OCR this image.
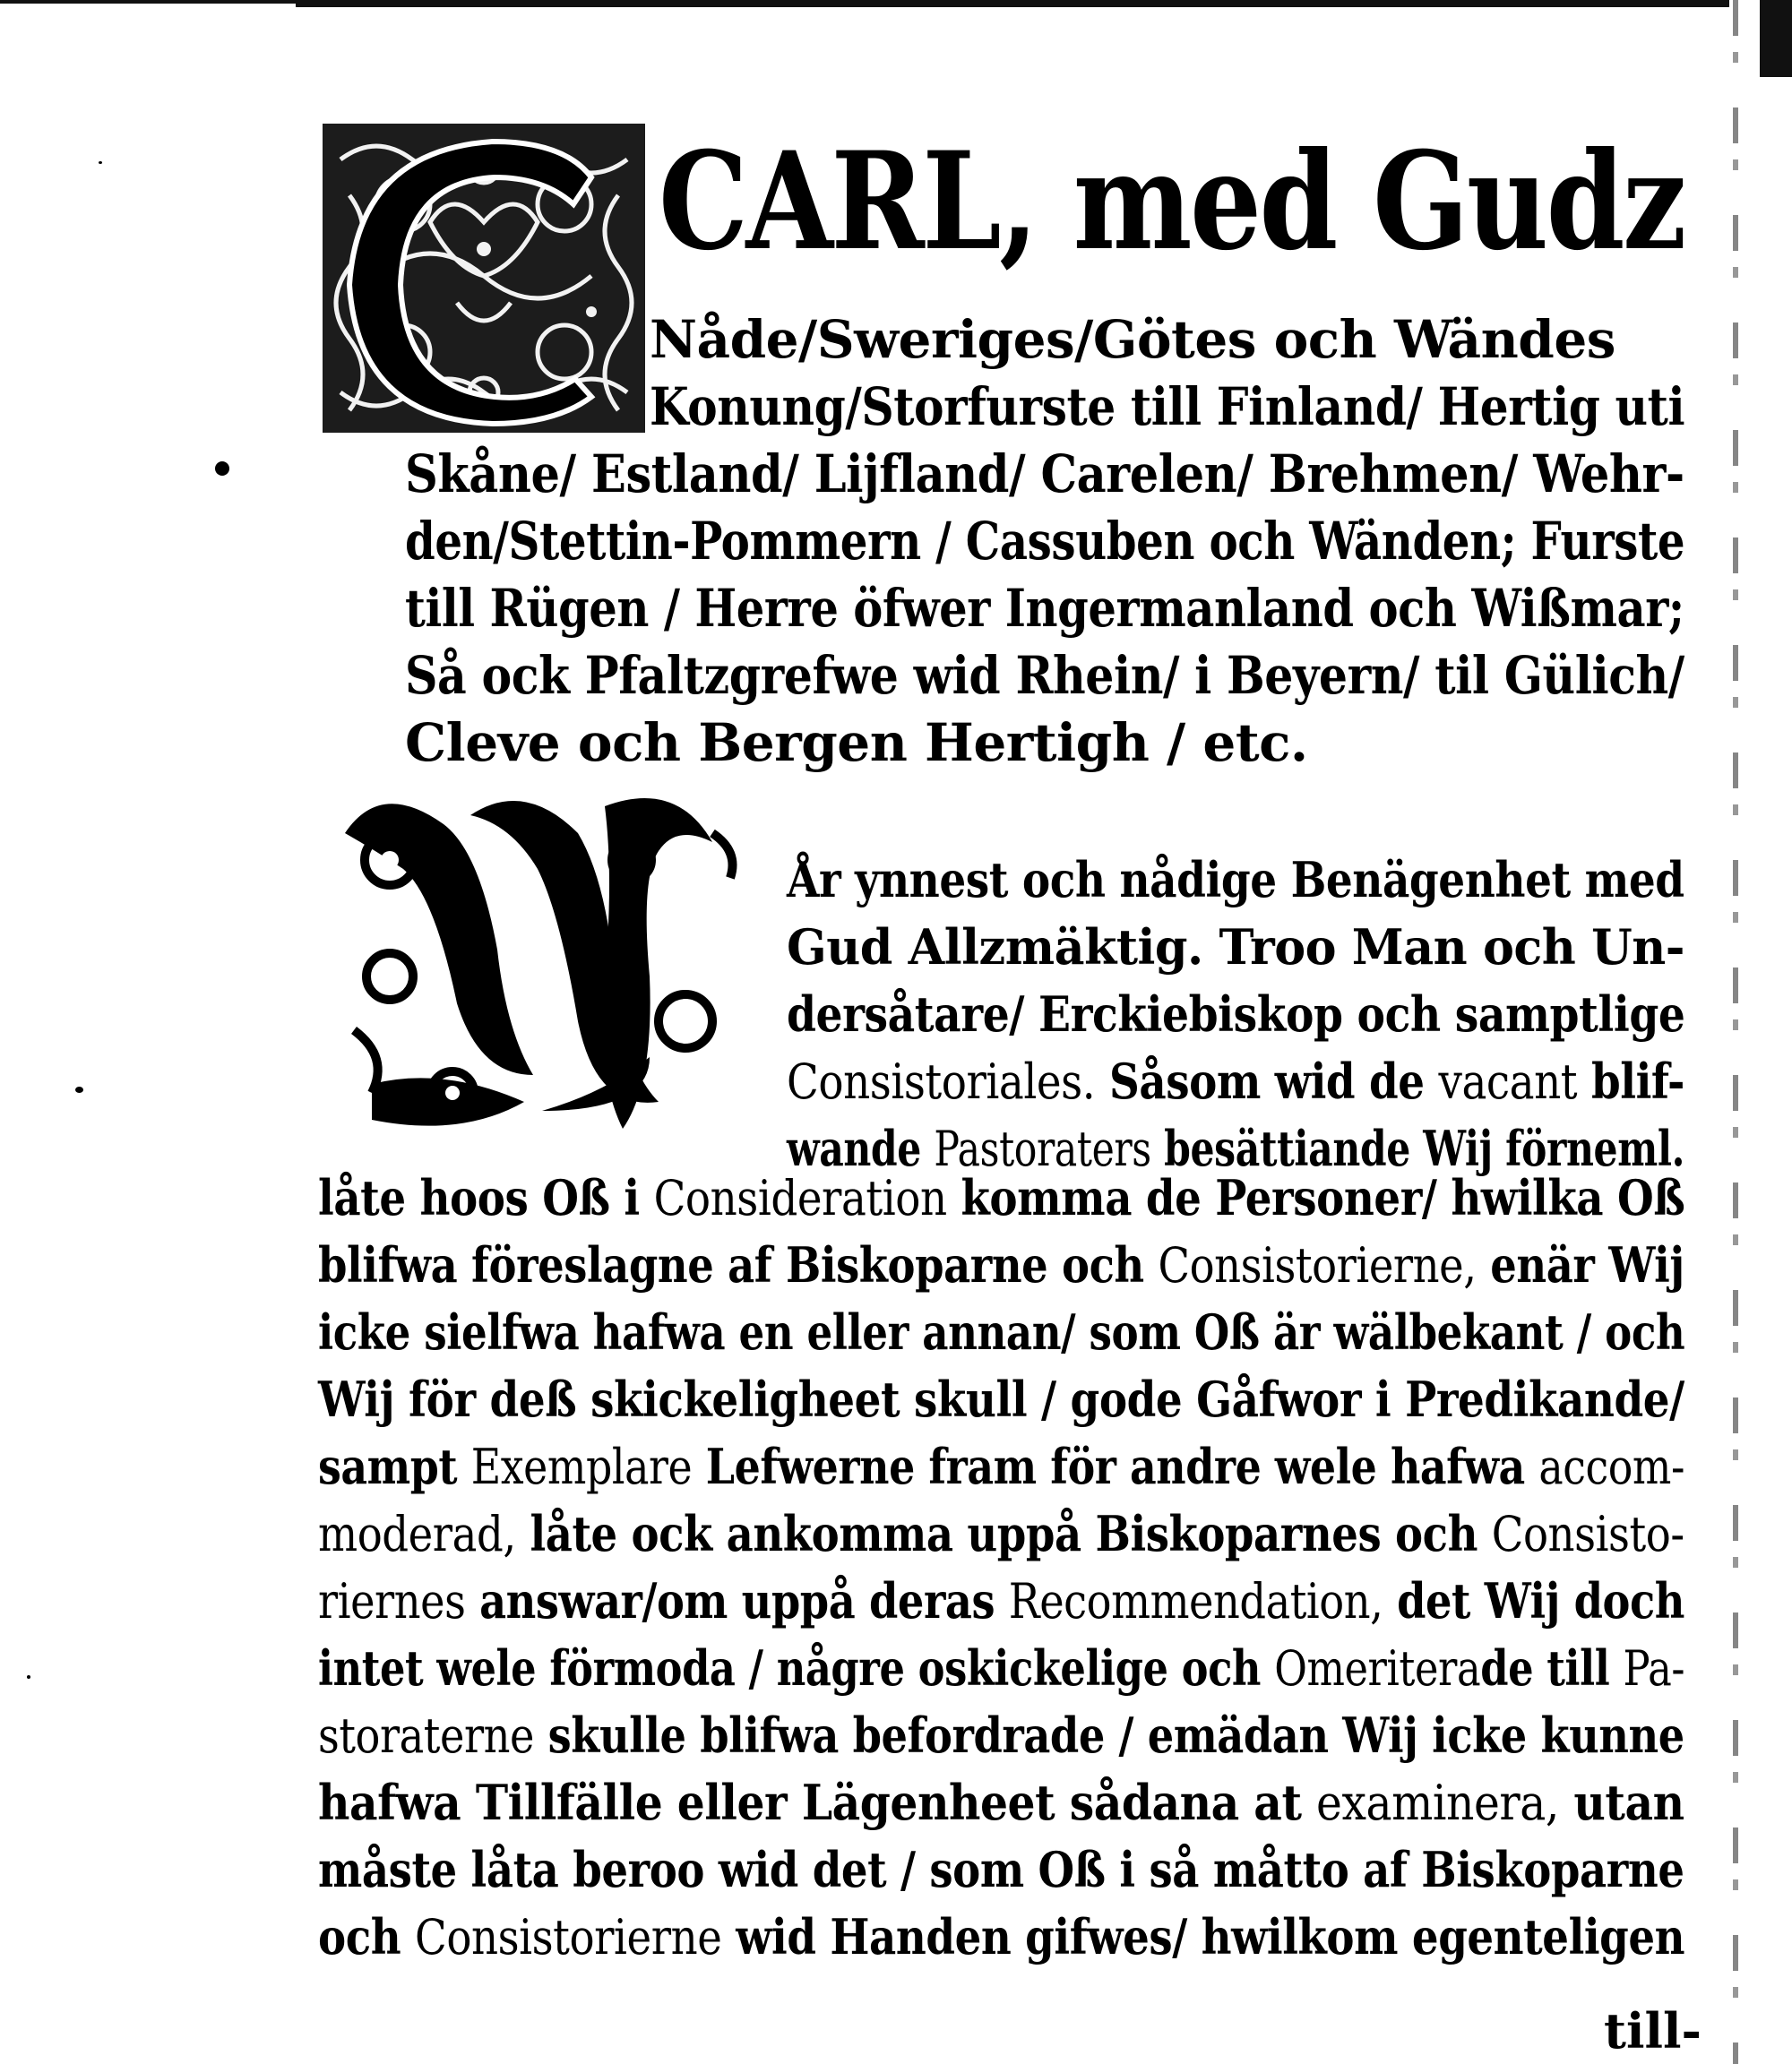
CARL, med Gudz
Nåde/Sweriges/Götes och Wändes
Konung/Storfurste till Finland/ Hertig uti
Skåne/ Estland/ Lijfland/ Carelen/ Brehmen/ Wehr-
den/Stettin-Pommern / Cassuben och Wänden; Furste
till Rügen / Herre öfwer Ingermanland och Wißmar;
Så ock Pfaltzgrefwe wid Rhein/ i Beyern/ til Gülich/
Cleve och Bergen Hertigh / etc.
År ynnest och nådige Benägenhet med
Gud Allzmäktig. Troo Man och Un-
dersåtare/ Erckiebiskop och samptlige
Consistoriales. Såsom wid de vacant blif-
wande Pastoraters besättiande Wij förneml.
låte hoos Oß i Consideration komma de Personer/ hwilka Oß
blifwa föreslagne af Biskoparne och Consistorierne, enär Wij
icke sielfwa hafwa en eller annan/ som Oß är wälbekant / och
Wij för deß skickeligheet skull / gode Gåfwor i Predikande/
sampt Exemplare Lefwerne fram för andre wele hafwa accom-
moderad, låte ock ankomma uppå Biskoparnes och Consisto-
riernes answar/om uppå deras Recommendation, det Wij doch
intet wele förmoda / någre oskickelige och Omeriterade till Pa-
storaterne skulle blifwa befordrade / emädan Wij icke kunne
hafwa Tillfälle eller Lägenheet sådana at examinera, utan
måste låta beroo wid det / som Oß i så måtto af Biskoparne
och Consistorierne wid Handen gifwes/ hwilkom egenteligen
till-
